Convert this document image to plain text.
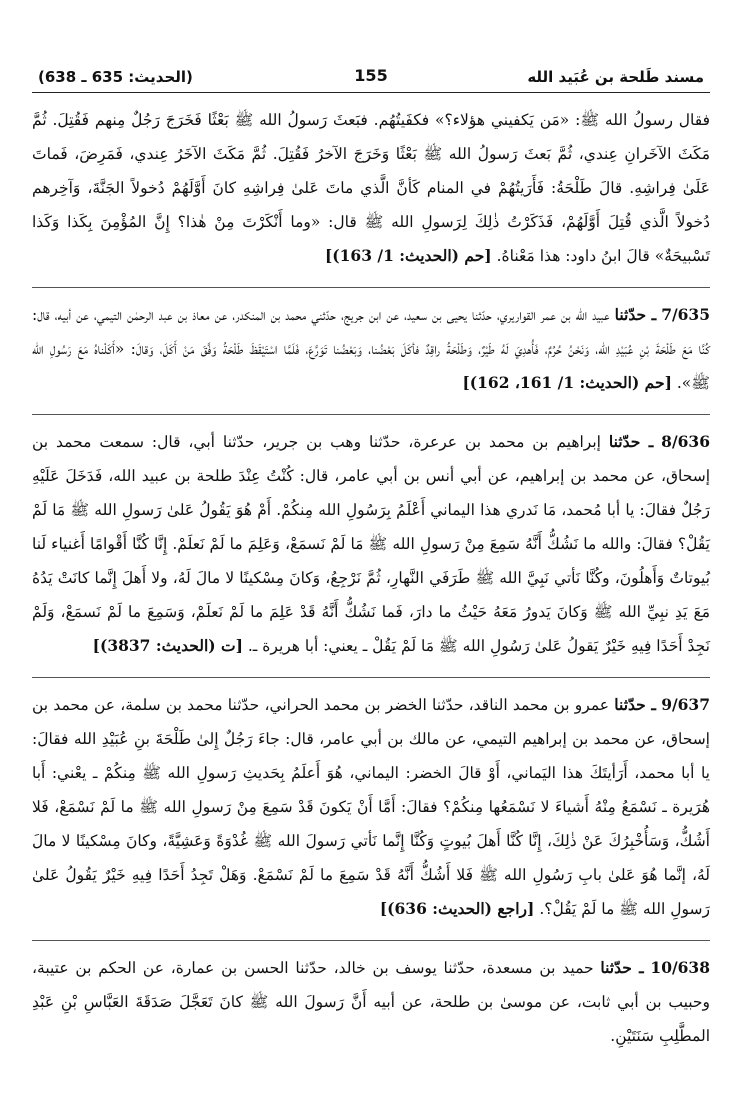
مسند طَلحة بن عُبَيد الله
155
(الحديث: 635 ـ 638)

فقال رسولُ الله ﷺ: «مَن يَكفيني هؤلاء؟» فكفَيتُهُم. فبَعثَ رَسولُ الله ﷺ بَعْثًا فَخَرَجَ رَجُلٌ مِنهم فَقُتِلَ. ثُمَّ مَكَثَ الآخَرانِ عِندي، ثُمَّ بَعثَ رَسولُ الله ﷺ بَعْثًا وَخَرَجَ الآخرُ فَقُتِلَ. ثُمَّ مَكَثَ الآخَرُ عِندي، فَمَرِضَ، فَماتَ عَلَىٰ فِراشِهِ. قالَ طَلْحَةُ: فَأَرَيتُهُمْ في المنام كَأنَّ الَّذي ماتَ عَلىٰ فِراشِهِ كانَ أَوَّلَهُمْ دُخولاً الجَنَّةَ، وَآخِرهم دُخولاً الَّذي قُتِلَ أَوَّلَهُمْ، فَذَكَرْتُ ذٰلِكَ لِرَسولِ الله ﷺ قال: «وما أَنْكَرْتَ مِنْ هٰذا؟ إِنَّ المُؤْمِنَ بِكَذا وَكَذا تَسْبيحَةٌ» قالَ ابنُ داود: هذا مَعْناهُ. [حم (الحديث: 1/ 163)]

7/635 ـ حدّثنا عبيد الله بن عمر القواريري، حدّثنا يحيى بن سعيد، عن ابن جريج، حدّثني محمد بن المنكدر، عن معاذ بن عبد الرحمٰن التيمي، عن أبيه، قال: كُنَّا مَعَ طَلْحَةَ بْنِ عُبَيْدِ الله، وَنَحْنُ حُرُمٌ، فَأُهدِيَ لَهُ طَيْرٌ، وَطَلْحَةُ راقِدٌ فأكَلَ بَعْضُنا، وَبَعْضُنا تَوَرَّعَ، فَلَمَّا اسْتَيْقَظَ طَلْحَةُ وَفَّقَ مَنْ أَكَلَ، وَقالَ: «أَكَلْناهُ مَعَ رَسُولِ الله ﷺ». [حم (الحديث: 1/ 161، 162)]

8/636 ـ حدّثنا إبراهيم بن محمد بن عرعرة، حدّثنا وهب بن جرير، حدّثنا أبي، قال: سمعت محمد بن إسحاق، عن محمد بن إبراهيم، عن أبي أنس بن أبي عامر، قال: كُنْتُ عِنْدَ طلحة بن عبيد الله، فَدَخَلَ عَلَيْهِ رَجُلٌ فقالَ: يا أبا مُحمد، مَا نَدري هذا اليماني أَعْلَمُ بِرَسُولِ الله مِنكُمْ. أَمْ هُوَ يَقُولُ عَلىٰ رَسولِ الله ﷺ مَا لَمْ يَقُلْ؟ فقالَ: والله ما نَشُكُّ أَنَّهُ سَمِعَ مِنْ رَسولِ الله ﷺ مَا لَمْ نَسمَعْ، وَعَلِمَ ما لَمْ نَعلَمْ. إِنَّا كُنَّا أَقْوامًا أَغنياء لَنا بُيوتاتٌ وَأَهلُونَ، وكُنَّا نَأتي نَبِيَّ الله ﷺ طَرَفَي النَّهارِ، ثُمَّ نَرْجِعُ، وَكانَ مِسْكينًا لا مالَ لَهُ، ولا أَهلَ إِنَّما كانَتْ يَدُهُ مَعَ يَدِ نبِيِّ الله ﷺ وَكانَ يَدورُ مَعَهُ حَيْثُ ما دارَ، فَما نَشُكُّ أَنَّهُ قَدْ عَلِمَ ما لَمْ نَعلَمْ، وَسَمِعَ ما لَمْ نَسمَعْ، وَلَمْ نَجِدْ أَحَدًا فِيهِ خَيْرٌ يَقولُ عَلىٰ رَسُولِ الله ﷺ مَا لَمْ يَقُلْ ـ يعني: أبا هريرة ـ. [ت (الحديث: 3837)]

9/637 ـ حدّثنا عمرو بن محمد الناقد، حدّثنا الخضر بن محمد الحراني، حدّثنا محمد بن سلمة، عن محمد بن إسحاق، عن محمد بن إبراهيم التيمي، عن مالك بن أبي عامر، قال: جاءَ رَجُلٌ إِلىٰ طَلْحَةَ بنِ عُبَيْدِ الله فقالَ: يا أبا محمد، أَرَأيتَكَ هذا اليَماني، أَوْ قالَ الخضر: اليماني، هُوَ أَعلَمُ بِحَديثِ رَسولِ الله ﷺ مِنكُمْ ـ يعْني: أَبا هُرَيرة ـ نَسْمَعُ مِنْهُ أَشياءَ لا نَسْمَعُها مِنكُمْ؟ فقالَ: أَمَّا أَنْ يَكونَ قَدْ سَمِعَ مِنْ رَسولِ الله ﷺ ما لَمْ نَسْمَعْ، فَلا أَشُكُّ، وَسَأُخْبِرُكَ عَنْ ذٰلِكَ، إِنَّا كُنَّا أَهلَ بُيوتٍ وَكُنَّا إِنَّما نَأتي رَسولَ الله ﷺ غُدْوَةً وَعَشِيَّةً، وكانَ مِسْكينًا لا مالَ لَهُ، إنَّما هُوَ عَلىٰ بابِ رَسُولِ الله ﷺ فَلا أَشُكُّ أَنَّهُ قَدْ سَمِعَ ما لَمْ نَسْمَعْ. وَهَلْ تَجِدُ أَحَدًا فِيهِ خَيْرٌ يَقُولُ عَلىٰ رَسولِ الله ﷺ ما لَمْ يَقُلْ؟. [راجع (الحديث: 636)]

10/638 ـ حدّثنا حميد بن مسعدة، حدّثنا يوسف بن خالد، حدّثنا الحسن بن عمارة، عن الحكم بن عتيبة، وحبيب بن أبي ثابت، عن موسىٰ بن طلحة، عن أبيه أَنَّ رَسولَ الله ﷺ كانَ تَعَجَّلَ صَدَقَةَ العَبَّاسِ بْنِ عَبْدِ المطَّلِبِ سَنَتَيْنِ.
